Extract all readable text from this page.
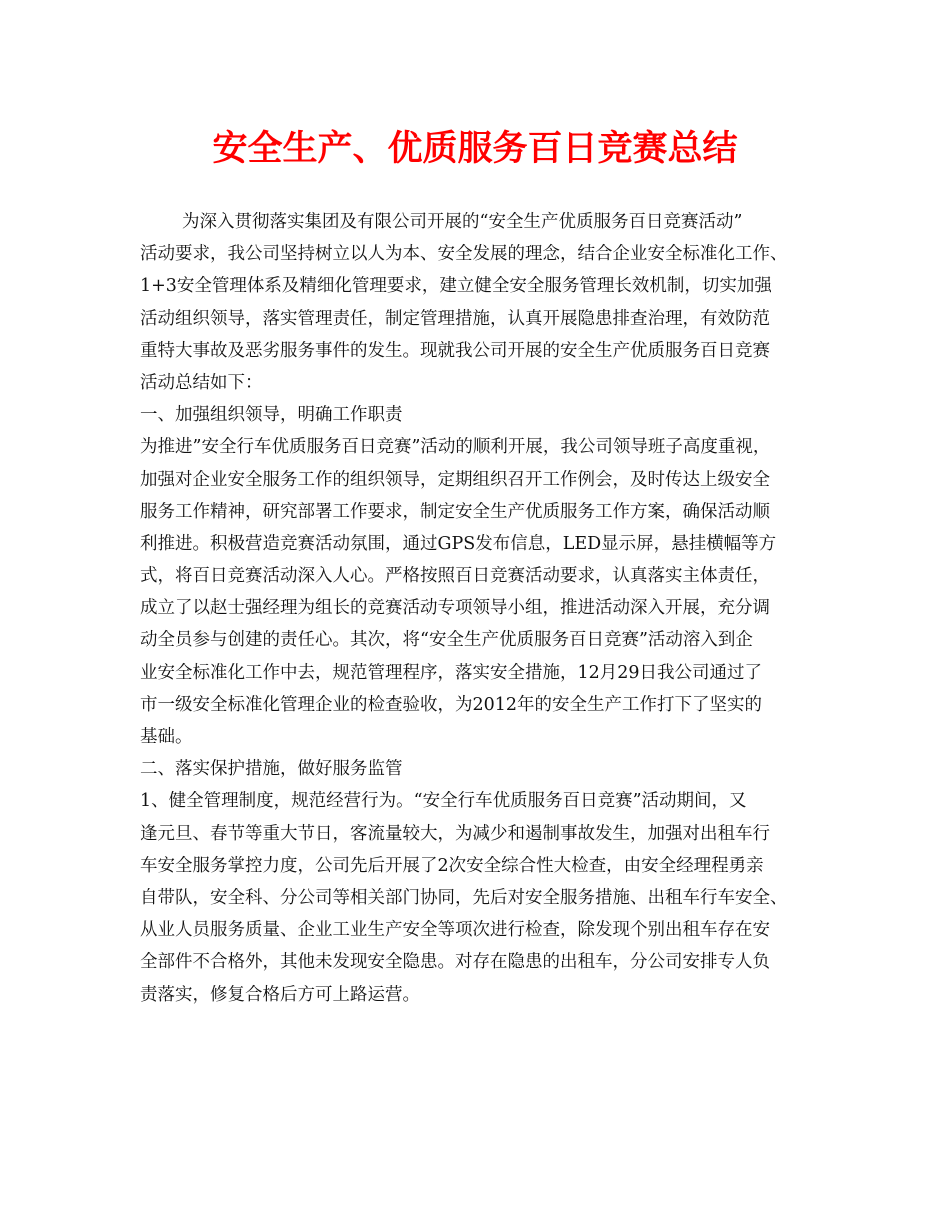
安全生产、优质服务百日竞赛总结
为深入贯彻落实集团及有限公司开展的“安全生产优质服务百日竞赛活动”
活动要求，我公司坚持树立以人为本、安全发展的理念，结合企业安全标准化工作、
1+3安全管理体系及精细化管理要求，建立健全安全服务管理长效机制，切实加强
活动组织领导，落实管理责任，制定管理措施，认真开展隐患排查治理，有效防范
重特大事故及恶劣服务事件的发生。现就我公司开展的安全生产优质服务百日竞赛
活动总结如下：
一、加强组织领导，明确工作职责
为推进”安全行车优质服务百日竞赛”活动的顺利开展，我公司领导班子高度重视，
加强对企业安全服务工作的组织领导，定期组织召开工作例会，及时传达上级安全
服务工作精神，研究部署工作要求，制定安全生产优质服务工作方案，确保活动顺
利推进。积极营造竞赛活动氛围，通过GPS发布信息，LED显示屏，悬挂横幅等方
式，将百日竞赛活动深入人心。严格按照百日竞赛活动要求，认真落实主体责任，
成立了以赵士强经理为组长的竞赛活动专项领导小组，推进活动深入开展，充分调
动全员参与创建的责任心。其次，将“安全生产优质服务百日竞赛”活动溶入到企
业安全标准化工作中去，规范管理程序，落实安全措施，12月29日我公司通过了
市一级安全标准化管理企业的检查验收，为2012年的安全生产工作打下了坚实的
基础。
二、落实保护措施，做好服务监管
1、健全管理制度，规范经营行为。“安全行车优质服务百日竞赛”活动期间，又
逢元旦、春节等重大节日，客流量较大，为减少和遏制事故发生，加强对出租车行
车安全服务掌控力度，公司先后开展了2次安全综合性大检查，由安全经理程勇亲
自带队，安全科、分公司等相关部门协同，先后对安全服务措施、出租车行车安全、
从业人员服务质量、企业工业生产安全等项次进行检查，除发现个别出租车存在安
全部件不合格外，其他未发现安全隐患。对存在隐患的出租车，分公司安排专人负
责落实，修复合格后方可上路运营。
